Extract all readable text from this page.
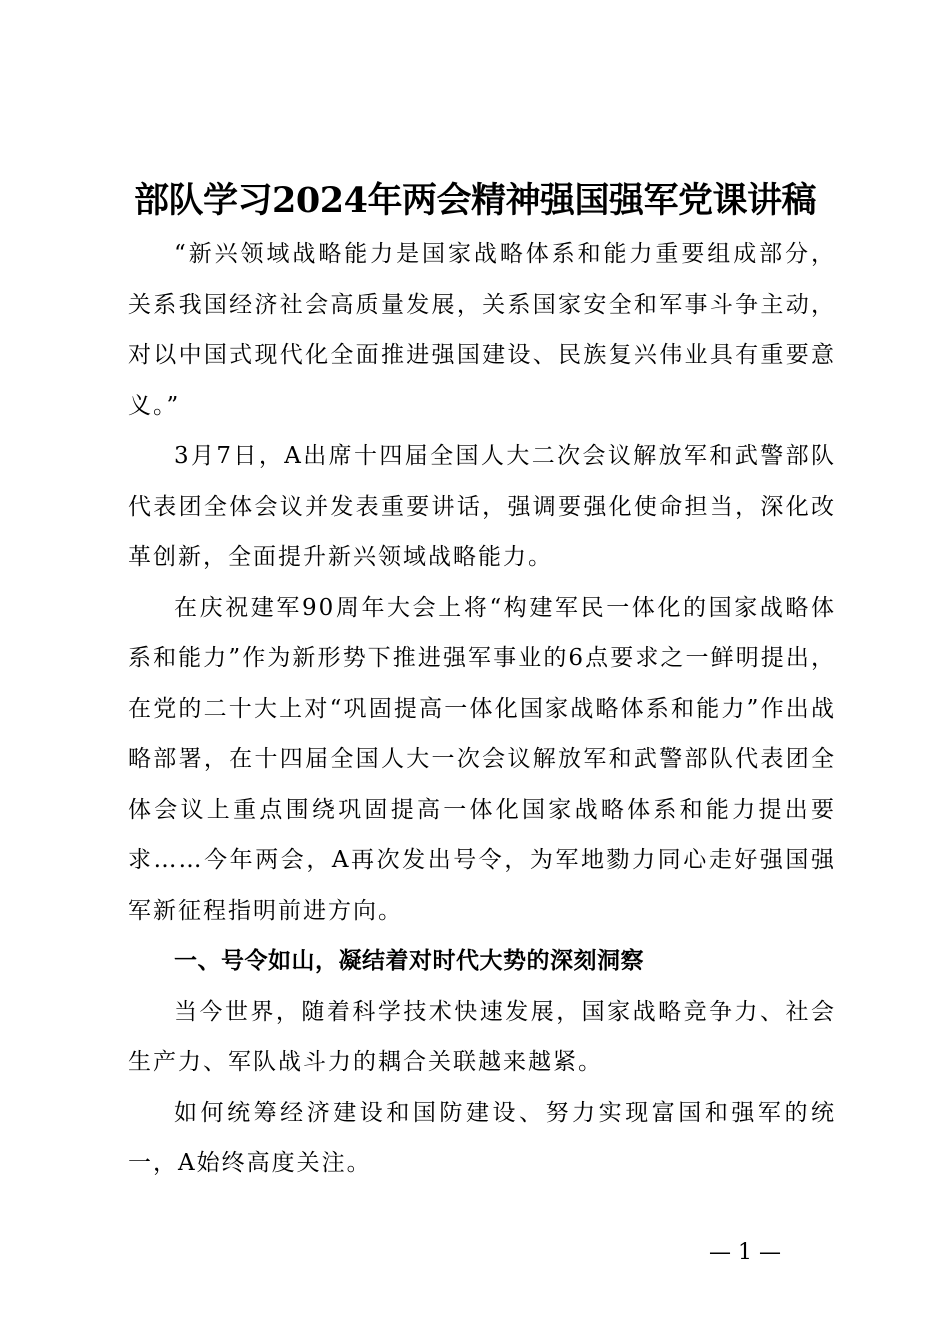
部队学习2024年两会精神强国强军党课讲稿

“新兴领域战略能力是国家战略体系和能力重要组成部分，关系我国经济社会高质量发展，关系国家安全和军事斗争主动，对以中国式现代化全面推进强国建设、民族复兴伟业具有重要意义。”

3月7日，A出席十四届全国人大二次会议解放军和武警部队代表团全体会议并发表重要讲话，强调要强化使命担当，深化改革创新，全面提升新兴领域战略能力。

在庆祝建军90周年大会上将“构建军民一体化的国家战略体系和能力”作为新形势下推进强军事业的6点要求之一鲜明提出，在党的二十大上对“巩固提高一体化国家战略体系和能力”作出战略部署，在十四届全国人大一次会议解放军和武警部队代表团全体会议上重点围绕巩固提高一体化国家战略体系和能力提出要求……今年两会，A再次发出号令，为军地勠力同心走好强国强军新征程指明前进方向。

一、号令如山，凝结着对时代大势的深刻洞察

当今世界，随着科学技术快速发展，国家战略竞争力、社会生产力、军队战斗力的耦合关联越来越紧。

如何统筹经济建设和国防建设、努力实现富国和强军的统一，A始终高度关注。

— 1 —
